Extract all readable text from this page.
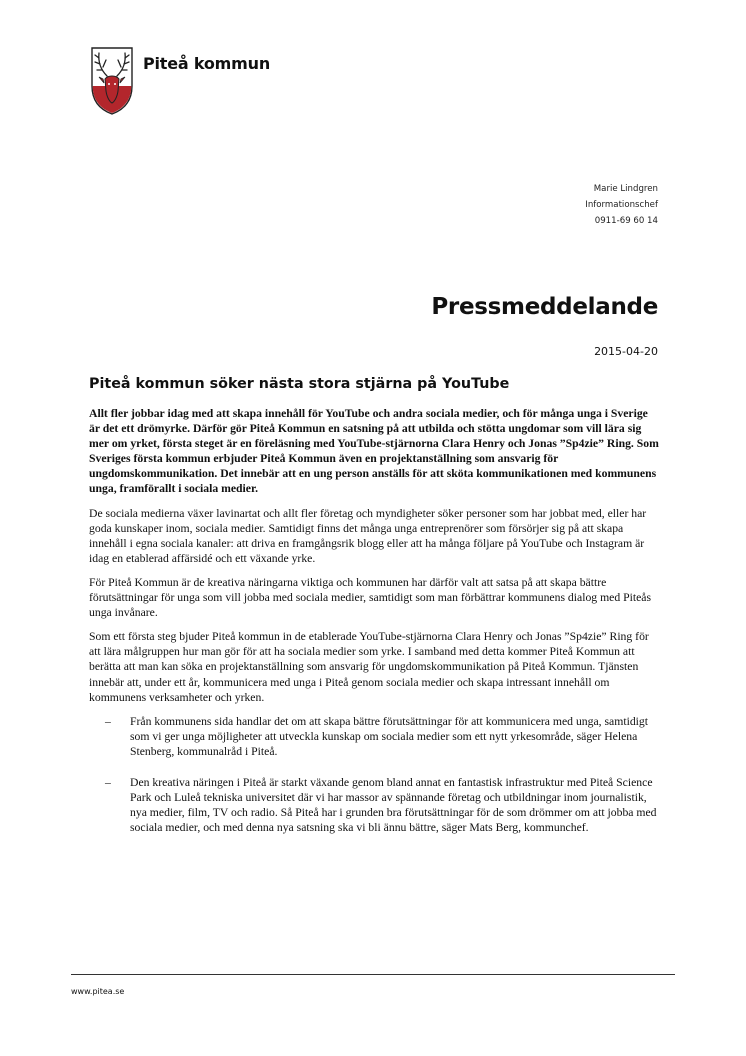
Piteå kommun
Marie Lindgren
Informationschef
0911-69 60 14
Pressmeddelande
2015-04-20
Piteå kommun söker nästa stora stjärna på YouTube

Allt fler jobbar idag med att skapa innehåll för YouTube och andra sociala medier, och för många unga i Sverige är det ett drömyrke. Därför gör Piteå Kommun en satsning på att utbilda och stötta ungdomar som vill lära sig mer om yrket, första steget är en föreläsning med YouTube-stjärnorna Clara Henry och Jonas ”Sp4zie” Ring. Som Sveriges första kommun erbjuder Piteå Kommun även en projektanställning som ansvarig för ungdomskommunikation. Det innebär att en ung person anställs för att sköta kommunikationen med kommunens unga, framförallt i sociala medier.

De sociala medierna växer lavinartat och allt fler företag och myndigheter söker personer som har jobbat med, eller har goda kunskaper inom, sociala medier. Samtidigt finns det många unga entreprenörer som försörjer sig på att skapa innehåll i egna sociala kanaler: att driva en framgångsrik blogg eller att ha många följare på YouTube och Instagram är idag en etablerad affärsidé och ett växande yrke.

För Piteå Kommun är de kreativa näringarna viktiga och kommunen har därför valt att satsa på att skapa bättre förutsättningar för unga som vill jobba med sociala medier, samtidigt som man förbättrar kommunens dialog med Piteås unga invånare.

Som ett första steg bjuder Piteå kommun in de etablerade YouTube-stjärnorna Clara Henry och Jonas ”Sp4zie” Ring för att lära målgruppen hur man gör för att ha sociala medier som yrke. I samband med detta kommer Piteå Kommun att berätta att man kan söka en projektanställning som ansvarig för ungdomskommunikation på Piteå Kommun. Tjänsten innebär att, under ett år, kommunicera med unga i Piteå genom sociala medier och skapa intressant innehåll om kommunens verksamheter och yrken.

– Från kommunens sida handlar det om att skapa bättre förutsättningar för att kommunicera med unga, samtidigt som vi ger unga möjligheter att utveckla kunskap om sociala medier som ett nytt yrkesområde, säger Helena Stenberg, kommunalråd i Piteå.
– Den kreativa näringen i Piteå är starkt växande genom bland annat en fantastisk infrastruktur med Piteå Science Park och Luleå tekniska universitet där vi har massor av spännande företag och utbildningar inom journalistik, nya medier, film, TV och radio. Så Piteå har i grunden bra förutsättningar för de som drömmer om att jobba med sociala medier, och med denna nya satsning ska vi bli ännu bättre, säger Mats Berg, kommunchef.
www.pitea.se
